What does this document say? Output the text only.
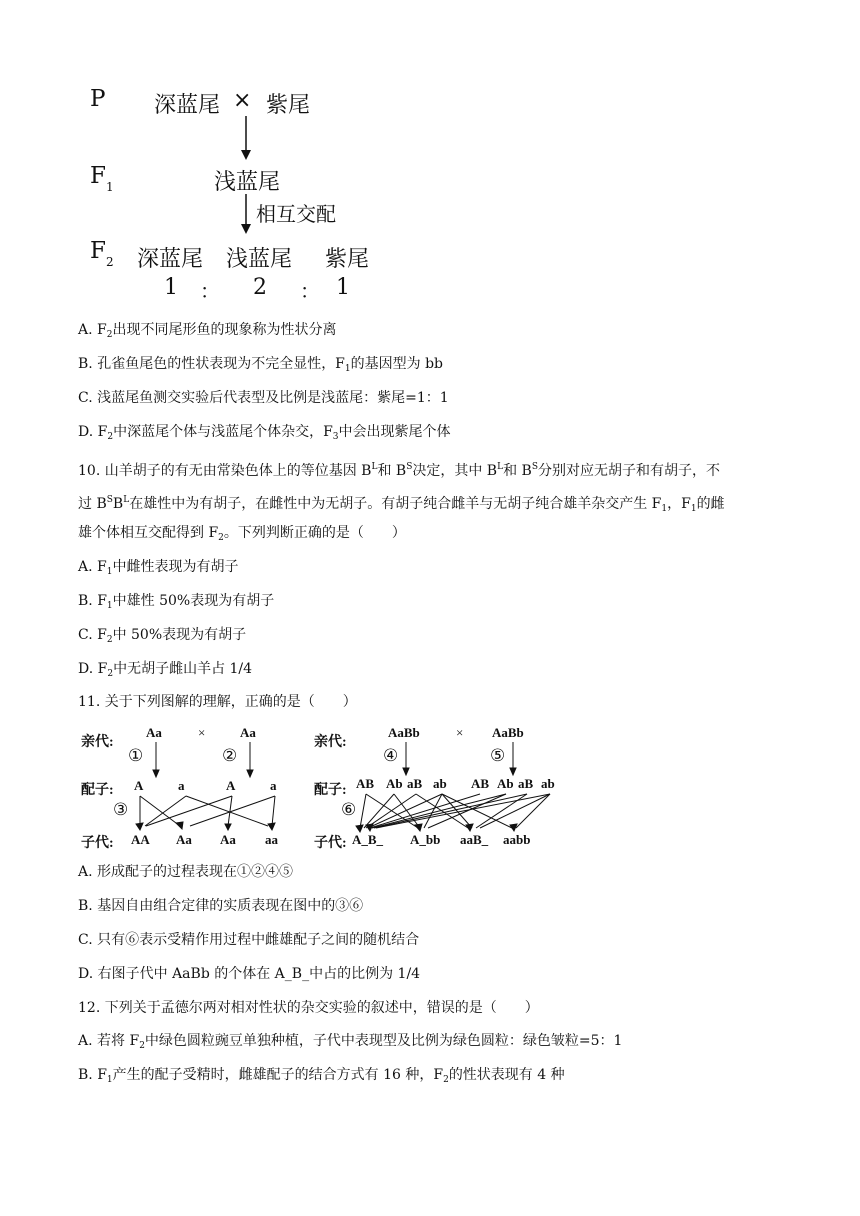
P 深蓝尾 × 紫尾
$F_1$	浅蓝尾
相互交配
$F_2$ 深蓝尾 浅蓝尾 紫尾
1 ： 2 ： 1
A. $F_2$出现不同尾形鱼的现象称为性状分离
B. 孔雀鱼尾色的性状表现为不完全显性，$F_1$的基因型为 bb
C. 浅蓝尾鱼测交实验后代表型及比例是浅蓝尾：紫尾=1：1
D. $F_2$中深蓝尾个体与浅蓝尾个体杂交，$F_3$中会出现紫尾个体
10. 山羊胡子的有无由常染色体上的等位基因 $B^L$和 $B^S$决定，其中 $B^L$和 $B^S$分别对应无胡子和有胡子，不
过 $B^SB^L$在雄性中为有胡子，在雌性中为无胡子。有胡子纯合雌羊与无胡子纯合雄羊杂交产生 $F_1$，$F_1$的雌
雄个体相互交配得到 $F_2$。下列判断正确的是（　　）
A. $F_1$中雌性表现为有胡子
B. $F_1$中雄性 50%表现为有胡子
C. $F_2$中 50%表现为有胡子
D. $F_2$中无胡子雌山羊占 1/4
11. 关于下列图解的理解，正确的是（　　）
亲代:
Aa	×	Aa
①	②
配子: A	a	A	a
③
子代: AA Aa Aa aa
亲代:
AaBb	× AaBb
④	⑤
配子: AB Ab aB ab AB Ab aB ab
⑥
子代: A_B_ A_bb aaB_ aabb
A. 形成配子的过程表现在①②④⑤
B. 基因自由组合定律的实质表现在图中的③⑥
C. 只有⑥表示受精作用过程中雌雄配子之间的随机结合
D. 右图子代中 AaBb 的个体在 A_B_中占的比例为 1/4
12. 下列关于孟德尔两对相对性状的杂交实验的叙述中，错误的是（　　）
A. 若将 $F_2$中绿色圆粒豌豆单独种植，子代中表现型及比例为绿色圆粒：绿色皱粒=5：1
B. $F_1$产生的配子受精时，雌雄配子的结合方式有 16 种，$F_2$的性状表现有 4 种
